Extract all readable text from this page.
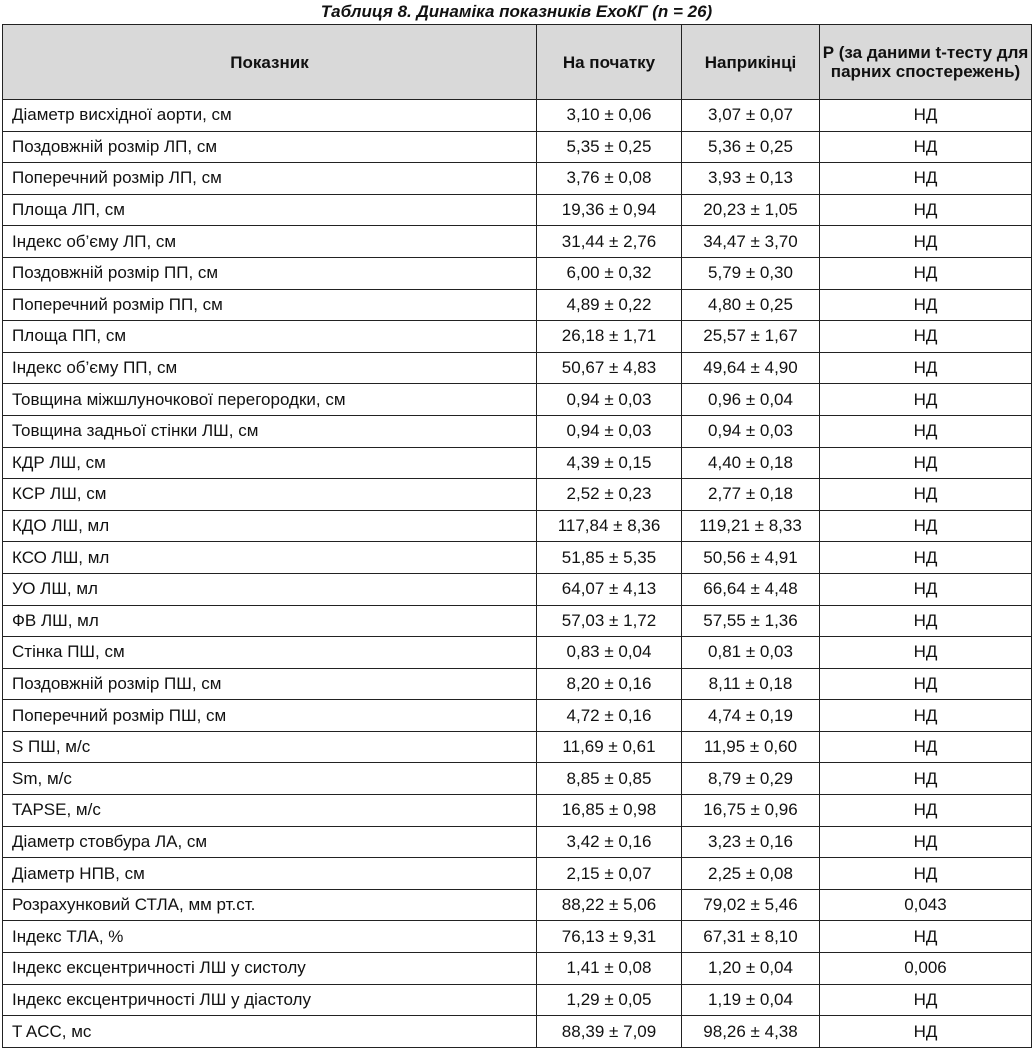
Таблиця 8. Динаміка показників ЕхоКГ (n = 26)
Показник	На початку	Наприкінці	Р (за даними t-тесту для парних спостережень)
Діаметр висхідної аорти, см	3,10 ± 0,06	3,07 ± 0,07	НД
Поздовжній розмір ЛП, см	5,35 ± 0,25	5,36 ± 0,25	НД
Поперечний розмір ЛП, см	3,76 ± 0,08	3,93 ± 0,13	НД
Площа ЛП, см	19,36 ± 0,94	20,23 ± 1,05	НД
Індекс об’єму ЛП, см	31,44 ± 2,76	34,47 ± 3,70	НД
Поздовжній розмір ПП, см	6,00 ± 0,32	5,79 ± 0,30	НД
Поперечний розмір ПП, см	4,89 ± 0,22	4,80 ± 0,25	НД
Площа ПП, см	26,18 ± 1,71	25,57 ± 1,67	НД
Індекс об’єму ПП, см	50,67 ± 4,83	49,64 ± 4,90	НД
Товщина міжшлуночкової перегородки, см	0,94 ± 0,03	0,96 ± 0,04	НД
Товщина задньої стінки ЛШ, см	0,94 ± 0,03	0,94 ± 0,03	НД
КДР ЛШ, см	4,39 ± 0,15	4,40 ± 0,18	НД
КСР ЛШ, см	2,52 ± 0,23	2,77 ± 0,18	НД
КДО ЛШ, мл	117,84 ± 8,36	119,21 ± 8,33	НД
КСО ЛШ, мл	51,85 ± 5,35	50,56 ± 4,91	НД
УО ЛШ, мл	64,07 ± 4,13	66,64 ± 4,48	НД
ФВ ЛШ, мл	57,03 ± 1,72	57,55 ± 1,36	НД
Стінка ПШ, см	0,83 ± 0,04	0,81 ± 0,03	НД
Поздовжній розмір ПШ, см	8,20 ± 0,16	8,11 ± 0,18	НД
Поперечний розмір ПШ, см	4,72 ± 0,16	4,74 ± 0,19	НД
S ПШ, м/с	11,69 ± 0,61	11,95 ± 0,60	НД
Sm, м/с	8,85 ± 0,85	8,79 ± 0,29	НД
TAPSE, м/с	16,85 ± 0,98	16,75 ± 0,96	НД
Діаметр стовбура ЛА, см	3,42 ± 0,16	3,23 ± 0,16	НД
Діаметр НПВ, см	2,15 ± 0,07	2,25 ± 0,08	НД
Розрахунковий СТЛА, мм рт.ст.	88,22 ± 5,06	79,02 ± 5,46	0,043
Індекс ТЛА, %	76,13 ± 9,31	67,31 ± 8,10	НД
Індекс ексцентричності ЛШ у систолу	1,41 ± 0,08	1,20 ± 0,04	0,006
Індекс ексцентричності ЛШ у діастолу	1,29 ± 0,05	1,19 ± 0,04	НД
T ACC, мс	88,39 ± 7,09	98,26 ± 4,38	НД
